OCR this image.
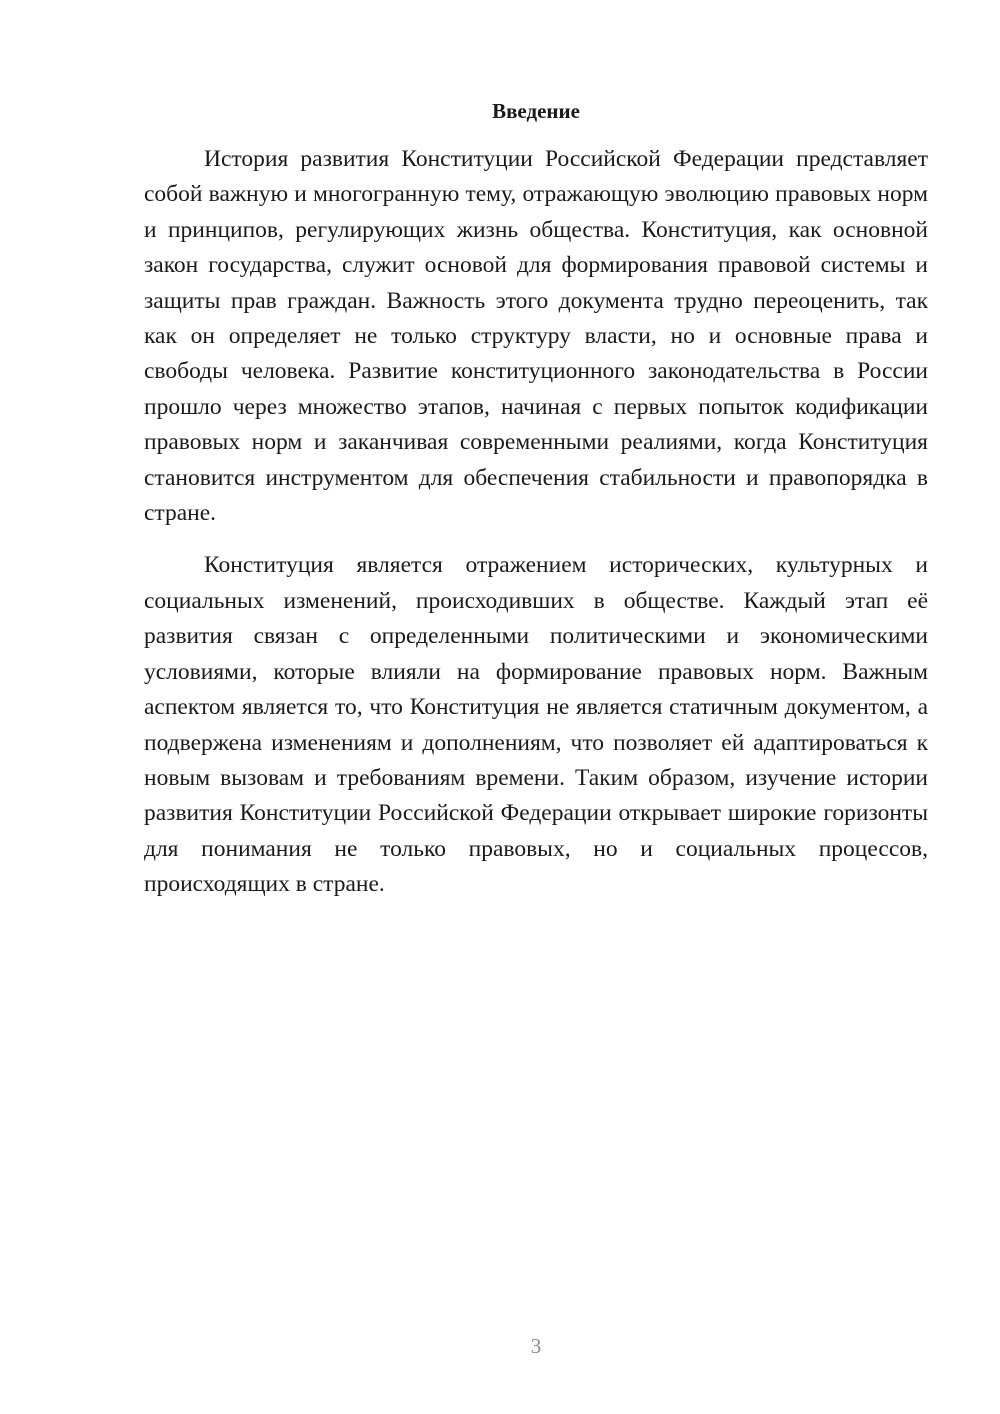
Введение

История развития Конституции Российской Федерации представляет собой важную и многогранную тему, отражающую эволюцию правовых норм и принципов, регулирующих жизнь общества. Конституция, как основной закон государства, служит основой для формирования правовой системы и защиты прав граждан. Важность этого документа трудно переоценить, так как он определяет не только структуру власти, но и основные права и свободы человека. Развитие конституционного законодательства в России прошло через множество этапов, начиная с первых попыток кодификации правовых норм и заканчивая современными реалиями, когда Конституция становится инструментом для обеспечения стабильности и правопорядка в стране.

Конституция является отражением исторических, культурных и социальных изменений, происходивших в обществе. Каждый этап её развития связан с определенными политическими и экономическими условиями, которые влияли на формирование правовых норм. Важным аспектом является то, что Конституция не является статичным документом, а подвержена изменениям и дополнениям, что позволяет ей адаптироваться к новым вызовам и требованиям времени. Таким образом, изучение истории развития Конституции Российской Федерации открывает широкие горизонты для понимания не только правовых, но и социальных процессов, происходящих в стране.

3
